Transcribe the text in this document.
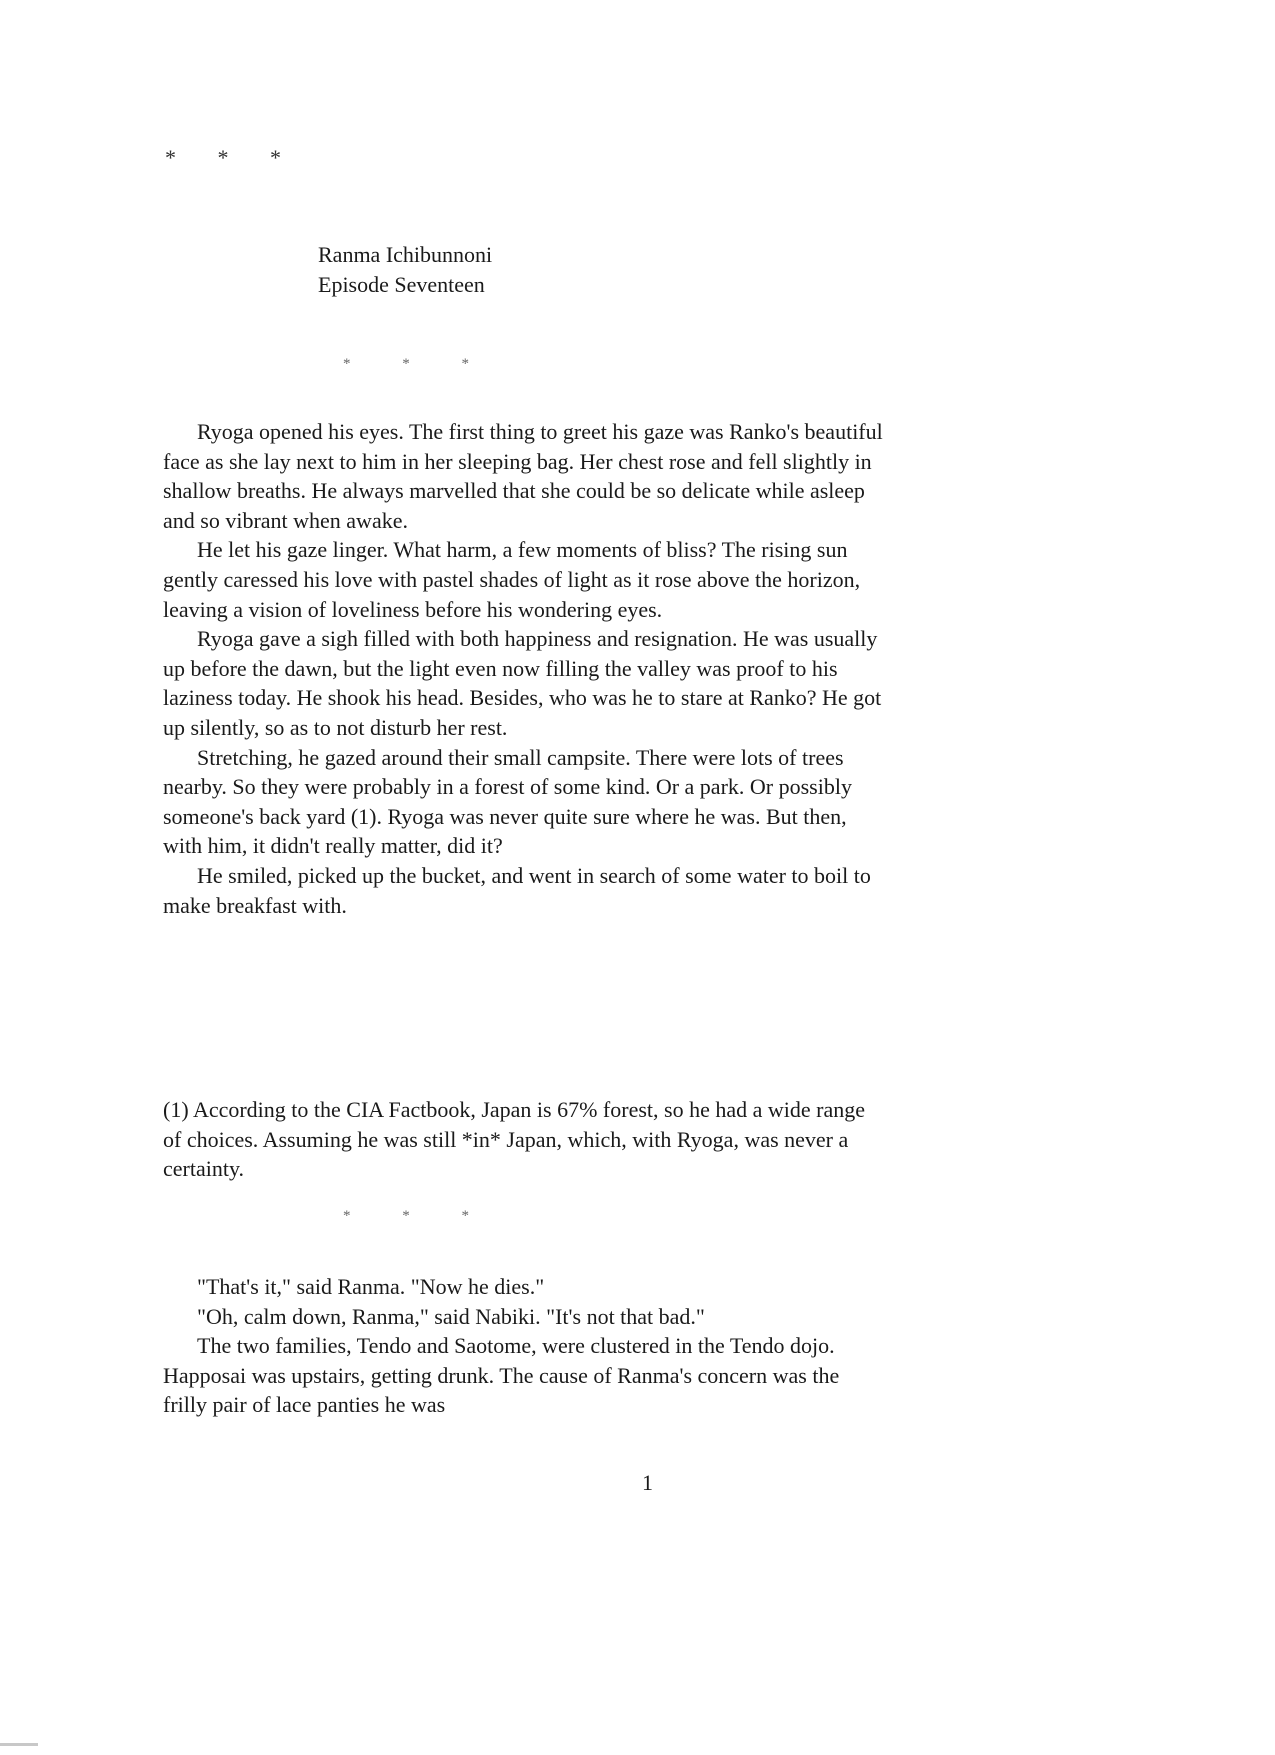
* * *
Ranma Ichibunnoni
Episode Seventeen
* * *

Ryoga opened his eyes. The first thing to greet his gaze was Ranko's beautiful face as she lay next to him in her sleeping bag. Her chest rose and fell slightly in shallow breaths. He always marvelled that she could be so delicate while asleep and so vibrant when awake.

He let his gaze linger. What harm, a few moments of bliss? The rising sun gently caressed his love with pastel shades of light as it rose above the horizon, leaving a vision of loveliness before his wondering eyes.

Ryoga gave a sigh filled with both happiness and resignation. He was usually up before the dawn, but the light even now filling the valley was proof to his laziness today. He shook his head. Besides, who was he to stare at Ranko? He got up silently, so as to not disturb her rest.

Stretching, he gazed around their small campsite. There were lots of trees nearby. So they were probably in a forest of some kind. Or a park. Or possibly someone's back yard (1). Ryoga was never quite sure where he was. But then, with him, it didn't really matter, did it?

He smiled, picked up the bucket, and went in search of some water to boil to make breakfast with.

(1) According to the CIA Factbook, Japan is 67% forest, so he had a wide range of choices. Assuming he was still *in* Japan, which, with Ryoga, was never a certainty.

* * *

"That's it," said Ranma. "Now he dies."

"Oh, calm down, Ranma," said Nabiki. "It's not that bad."

The two families, Tendo and Saotome, were clustered in the Tendo dojo. Happosai was upstairs, getting drunk. The cause of Ranma's concern was the frilly pair of lace panties he was

1
